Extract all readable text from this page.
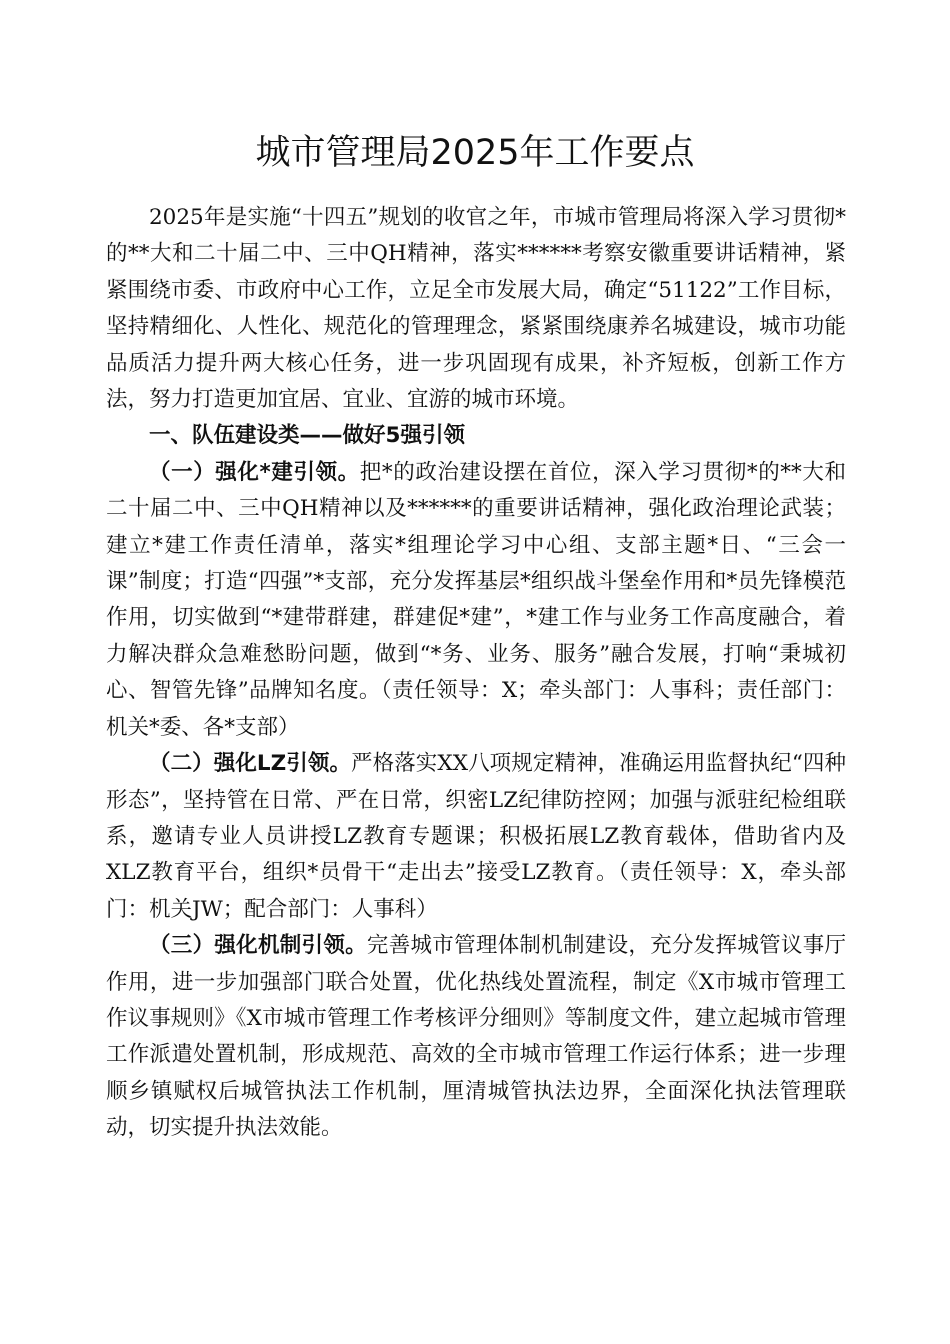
城市管理局2025年工作要点

2025年是实施“十四五”规划的收官之年，市城市管理局将深入学习贯彻*的**大和二十届二中、三中QH精神，落实******考察安徽重要讲话精神，紧紧围绕市委、市政府中心工作，立足全市发展大局，确定“51122”工作目标，坚持精细化、人性化、规范化的管理理念，紧紧围绕康养名城建设，城市功能品质活力提升两大核心任务，进一步巩固现有成果，补齐短板，创新工作方法，努力打造更加宜居、宜业、宜游的城市环境。

一、队伍建设类——做好5强引领

（一）强化*建引领。把*的政治建设摆在首位，深入学习贯彻*的**大和二十届二中、三中QH精神以及******的重要讲话精神，强化政治理论武装；建立*建工作责任清单，落实*组理论学习中心组、支部主题*日、“三会一课”制度；打造“四强”*支部，充分发挥基层*组织战斗堡垒作用和*员先锋模范作用，切实做到“*建带群建，群建促*建”，*建工作与业务工作高度融合，着力解决群众急难愁盼问题，做到“*务、业务、服务”融合发展，打响“秉城初心、智管先锋”品牌知名度。（责任领导：X；牵头部门：人事科；责任部门：机关*委、各*支部）

（二）强化LZ引领。严格落实XX八项规定精神，准确运用监督执纪“四种形态”，坚持管在日常、严在日常，织密LZ纪律防控网；加强与派驻纪检组联系，邀请专业人员讲授LZ教育专题课；积极拓展LZ教育载体，借助省内及XLZ教育平台，组织*员骨干“走出去”接受LZ教育。（责任领导：X，牵头部门：机关JW；配合部门：人事科）

（三）强化机制引领。完善城市管理体制机制建设，充分发挥城管议事厅作用，进一步加强部门联合处置，优化热线处置流程，制定《X市城市管理工作议事规则》《X市城市管理工作考核评分细则》等制度文件，建立起城市管理工作派遣处置机制，形成规范、高效的全市城市管理工作运行体系；进一步理顺乡镇赋权后城管执法工作机制，厘清城管执法边界，全面深化执法管理联动，切实提升执法效能。
